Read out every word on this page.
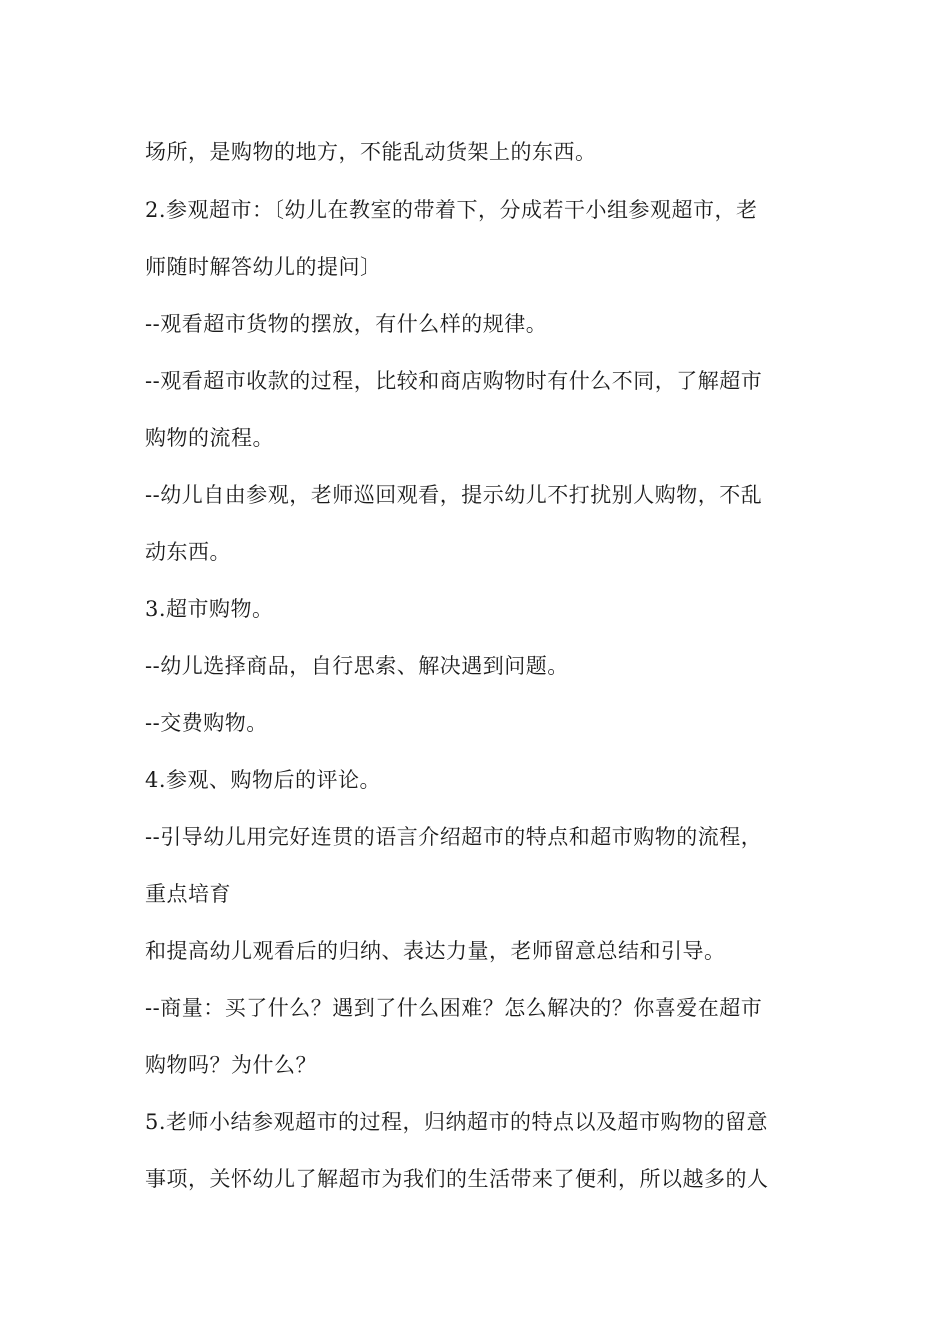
场所，是购物的地方，不能乱动货架上的东西。
2.参观超市：〔幼儿在教室的带着下，分成若干小组参观超市，老
师随时解答幼儿的提问〕
--观看超市货物的摆放，有什么样的规律。
--观看超市收款的过程，比较和商店购物时有什么不同，了解超市
购物的流程。
--幼儿自由参观，老师巡回观看，提示幼儿不打扰别人购物，不乱
动东西。
3.超市购物。
--幼儿选择商品，自行思索、解决遇到问题。
--交费购物。
4.参观、购物后的评论。
--引导幼儿用完好连贯的语言介绍超市的特点和超市购物的流程，
重点培育
和提高幼儿观看后的归纳、表达力量，老师留意总结和引导。
--商量：买了什么？遇到了什么困难？怎么解决的？你喜爱在超市
购物吗？为什么？
5.老师小结参观超市的过程，归纳超市的特点以及超市购物的留意
事项，关怀幼儿了解超市为我们的生活带来了便利，所以越多的人
